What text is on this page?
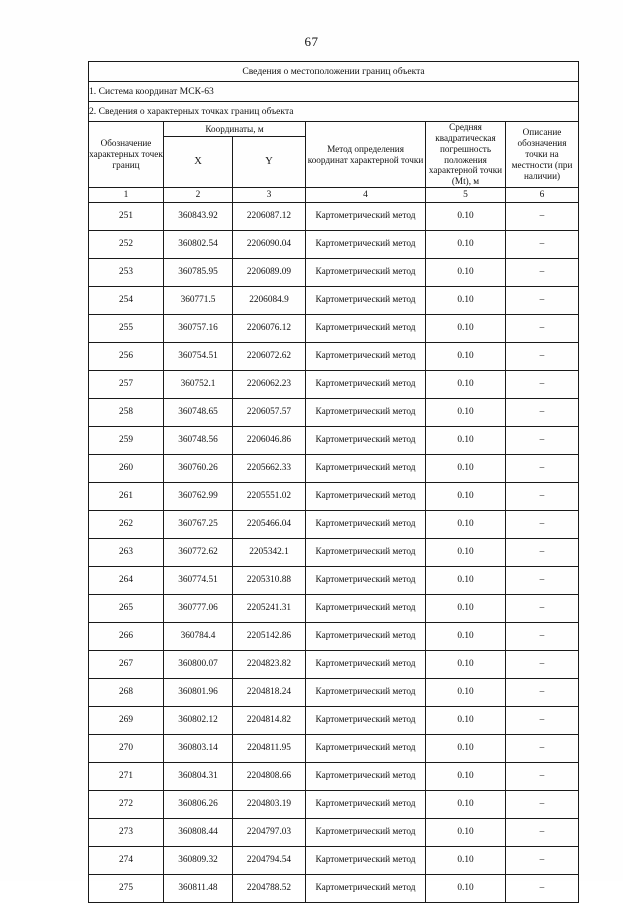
67
Сведения о местоположении границ объекта					
1. Система координат МСК-63					
2. Сведения о характерных точках границ объекта					
Обозначение характерных точек границ	Координаты, м		Метод определения координат характерной точки	Средняя квадратическая погрешность положения характерной точки (Мt), м	Описание обозначения точки на местности (при наличии)
	X	Y			
1	2	3	4	5	6
251	360843.92	2206087.12	Картометрический метод	0.10	–
252	360802.54	2206090.04	Картометрический метод	0.10	–
253	360785.95	2206089.09	Картометрический метод	0.10	–
254	360771.5	2206084.9	Картометрический метод	0.10	–
255	360757.16	2206076.12	Картометрический метод	0.10	–
256	360754.51	2206072.62	Картометрический метод	0.10	–
257	360752.1	2206062.23	Картометрический метод	0.10	–
258	360748.65	2206057.57	Картометрический метод	0.10	–
259	360748.56	2206046.86	Картометрический метод	0.10	–
260	360760.26	2205662.33	Картометрический метод	0.10	–
261	360762.99	2205551.02	Картометрический метод	0.10	–
262	360767.25	2205466.04	Картометрический метод	0.10	–
263	360772.62	2205342.1	Картометрический метод	0.10	–
264	360774.51	2205310.88	Картометрический метод	0.10	–
265	360777.06	2205241.31	Картометрический метод	0.10	–
266	360784.4	2205142.86	Картометрический метод	0.10	–
267	360800.07	2204823.82	Картометрический метод	0.10	–
268	360801.96	2204818.24	Картометрический метод	0.10	–
269	360802.12	2204814.82	Картометрический метод	0.10	–
270	360803.14	2204811.95	Картометрический метод	0.10	–
271	360804.31	2204808.66	Картометрический метод	0.10	–
272	360806.26	2204803.19	Картометрический метод	0.10	–
273	360808.44	2204797.03	Картометрический метод	0.10	–
274	360809.32	2204794.54	Картометрический метод	0.10	–
275	360811.48	2204788.52	Картометрический метод	0.10	–
